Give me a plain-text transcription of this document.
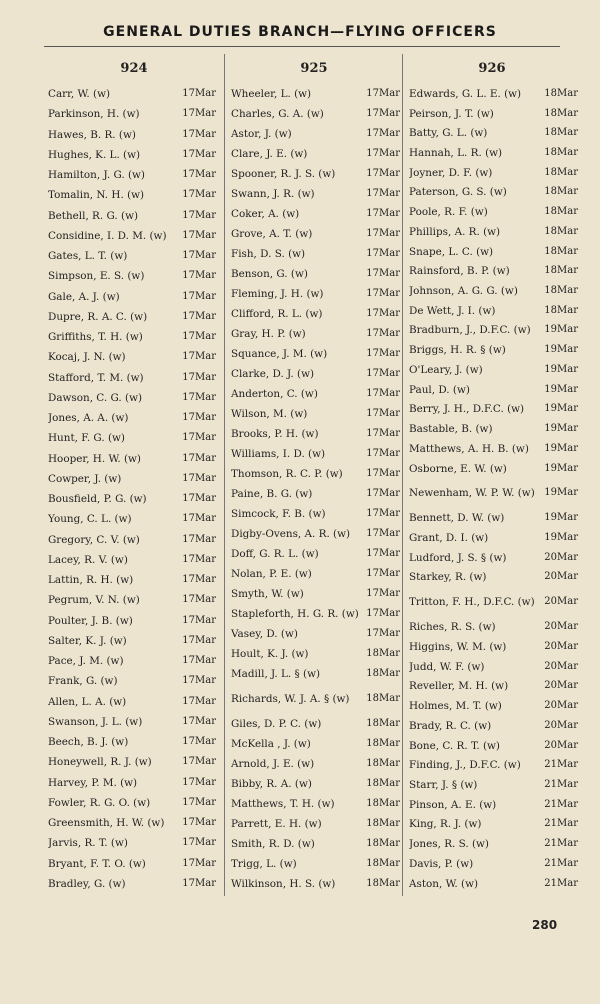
GENERAL DUTIES BRANCH—FLYING OFFICERS
924
Carr, W. (w)	17Mar
Parkinson, H. (w)	17Mar
Hawes, B. R. (w)	17Mar
Hughes, K. L. (w)	17Mar
Hamilton, J. G. (w)	17Mar
Tomalin, N. H. (w)	17Mar
Bethell, R. G. (w)	17Mar
Considine, I. D. M. (w) 17Mar
Gates, L. T. (w)	17Mar
Simpson, E. S. (w)	17Mar
Gale, A. J. (w)	17Mar
Dupre, R. A. C. (w)	17Mar
Griffiths, T. H. (w)	17Mar
Kocaj, J. N. (w)	17Mar
Stafford, T. M. (w)	17Mar
Dawson, C. G. (w)	17Mar
Jones, A. A. (w)	17Mar
Hunt, F. G. (w)	17Mar
Hooper, H. W. (w)	17Mar
Cowper, J. (w)	17Mar
Bousfield, P. G. (w)	17Mar
Young, C. L. (w)	17Mar
Gregory, C. V. (w)	17Mar
Lacey, R. V. (w)	17Mar
Lattin, R. H. (w)	17Mar
Pegrum, V. N. (w)	17Mar
Poulter, J. B. (w)	17Mar
Salter, K. J. (w)	17Mar
Pace, J. M. (w)	17Mar
Frank, G. (w)	17Mar
Allen, L. A. (w)	17Mar
Swanson, J. L. (w)	17Mar
Beech, B. J. (w)	17Mar
Honeywell, R. J. (w)	17Mar
Harvey, P. M. (w)	17Mar
Fowler, R. G. O. (w)	17Mar
Greensmith, H. W. (w) 17Mar
Jarvis, R. T. (w)	17Mar
Bryant, F. T. O. (w)	17Mar
Bradley, G. (w)	17Mar
925
Wheeler, L. (w)	17Mar
Charles, G. A. (w)	17Mar
Astor, J. (w)	17Mar
Clare, J. E. (w)	17Mar
Spooner, R. J. S. (w)	17Mar
Swann, J. R. (w)	17Mar
Coker, A. (w)	17Mar
Grove, A. T. (w)	17Mar
Fish, D. S. (w)	17Mar
Benson, G. (w)	17Mar
Fleming, J. H. (w)	17Mar
Clifford, R. L. (w)	17Mar
Gray, H. P. (w)	17Mar
Squance, J. M. (w)	17Mar
Clarke, D. J. (w)	17Mar
Anderton, C. (w)	17Mar
Wilson, M. (w)	17Mar
Brooks, P. H. (w)	17Mar
Williams, I. D. (w)	17Mar
Thomson, R. C. P. (w) 17Mar
Paine, B. G. (w)	17Mar
Simcock, F. B. (w)	17Mar
Digby-Ovens, A. R. (w) 17Mar
Doff, G. R. L. (w)	17Mar
Nolan, P. E. (w)	17Mar
Smyth, W. (w)	17Mar
Stapleforth, H. G. R. (w) 17Mar
Vasey, D. (w)	17Mar
Hoult, K. J. (w)	18Mar
Madill, J. L. § (w)	18Mar
Richards, W. J. A. § (w) 18Mar
Giles, D. P. C. (w)	18Mar
McKella , J. (w)	18Mar
Arnold, J. E. (w)	18Mar
Bibby, R. A. (w)	18Mar
Matthews, T. H. (w)	18Mar
Parrett, E. H. (w)	18Mar
Smith, R. D. (w)	18Mar
Trigg, L. (w)	18Mar
Wilkinson, H. S. (w)	18Mar
926
Edwards, G. L. E. (w) 18Mar
Peirson, J. T. (w)	18Mar
Batty, G. L. (w)	18Mar
Hannah, L. R. (w)	18Mar
Joyner, D. F. (w)	18Mar
Paterson, G. S. (w)	18Mar
Poole, R. F. (w)	18Mar
Phillips, A. R. (w)	18Mar
Snape, L. C. (w)	18Mar
Rainsford, B. P. (w)	18Mar
Johnson, A. G. G. (w)	18Mar
De Wett, J. I. (w)	18Mar
Bradburn, J., D.F.C. (w) 19Mar
Briggs, H. R. § (w)	19Mar
O'Leary, J. (w)	19Mar
Paul, D. (w)	19Mar
Berry, J. H., D.F.C. (w) 19Mar
Bastable, B. (w)	19Mar
Matthews, A. H. B. (w) 19Mar
Osborne, E. W. (w)	19Mar
Newenham, W. P. W. (w) 19Mar
Bennett, D. W. (w)	19Mar
Grant, D. I. (w)	19Mar
Ludford, J. S. § (w)	20Mar
Starkey, R. (w)	20Mar
Tritton, F. H., D.F.C. (w) 20Mar
Riches, R. S. (w)	20Mar
Higgins, W. M. (w)	20Mar
Judd, W. F. (w)	20Mar
Reveller, M. H. (w)	20Mar
Holmes, M. T. (w)	20Mar
Brady, R. C. (w)	20Mar
Bone, C. R. T. (w)	20Mar
Finding, J., D.F.C. (w) 21Mar
Starr, J. § (w)	21Mar
Pinson, A. E. (w)	21Mar
King, R. J. (w)	21Mar
Jones, R. S. (w)	21Mar
Davis, P. (w)	21Mar
Aston, W. (w)	21Mar
280
